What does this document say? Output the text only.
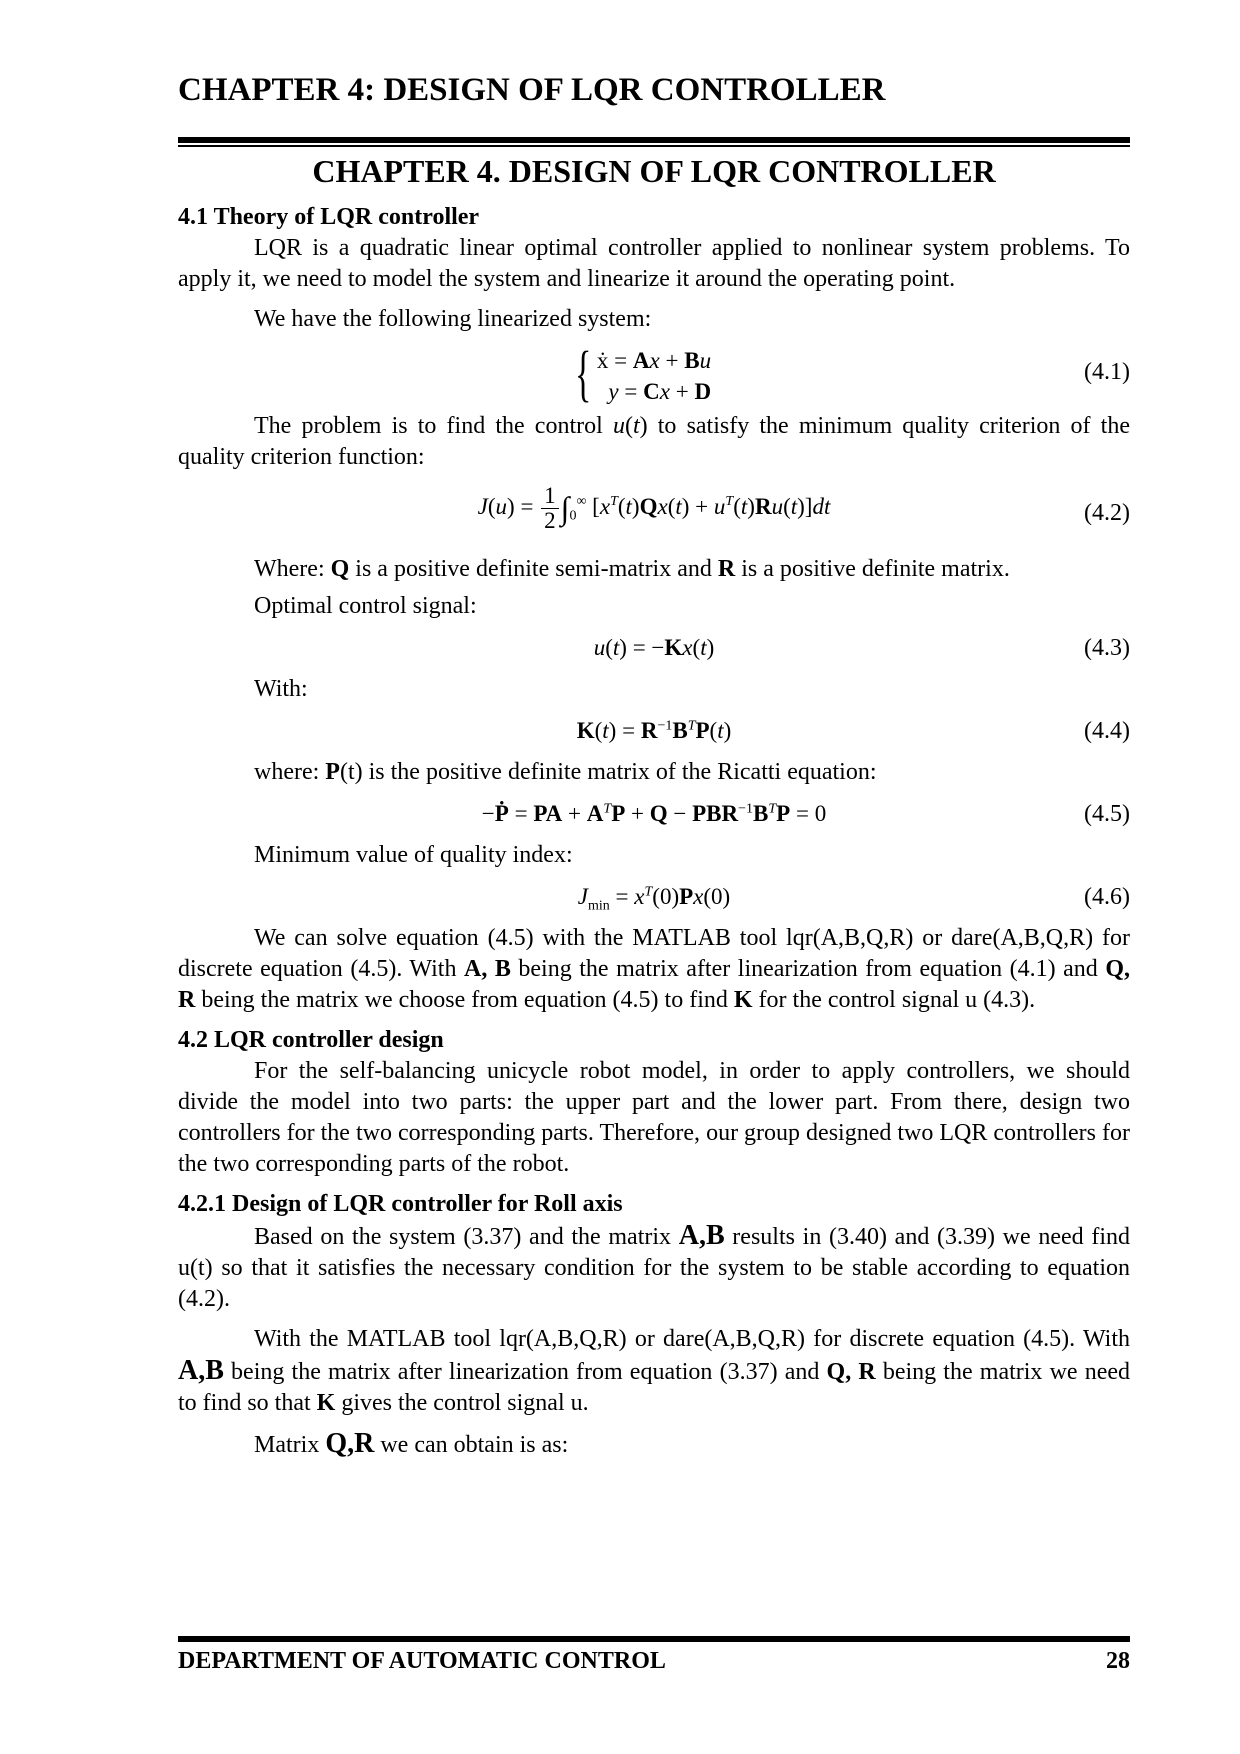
CHAPTER 4: DESIGN OF LQR CONTROLLER
CHAPTER 4. DESIGN OF LQR CONTROLLER

4.1 Theory of LQR controller

LQR is a quadratic linear optimal controller applied to nonlinear system problems. To apply it, we need to model the system and linearize it around the operating point.

We have the following linearized system:

{ ẋ = Ax + Bu
y = Cx + D
(4.1)

The problem is to find the control u(t) to satisfy the minimum quality criterion of the quality criterion function:

$J(u) = \frac{1}{2} \int_0^\infty$ $[x^T(t)Qx(t) + u^T(t)Ru(t)]dt$	(4.2)

Where: Q is a positive definite semi-matrix and R is a positive definite matrix.

Optimal control signal:

u(t) = −Kx(t)	(4.3)

With:

$K(t) = R^{-1}B^TP(t)$	(4.4)

where: P(t) is the positive definite matrix of the Ricatti equation:

−Ṗ = PA + $A^TP + Q - PBR^{-1}B^TP = 0$	(4.5)

Minimum value of quality index:

$J_{min} = x^T(0)Px(0)$	(4.6)

We can solve equation (4.5) with the MATLAB tool lqr(A,B,Q,R) or dare(A,B,Q,R) for discrete equation (4.5). With A, B being the matrix after linearization from equation (4.1) and Q, R being the matrix we choose from equation (4.5) to find K for the control signal u (4.3).

4.2 LQR controller design

For the self-balancing unicycle robot model, in order to apply controllers, we should divide the model into two parts: the upper part and the lower part. From there, design two controllers for the two corresponding parts. Therefore, our group designed two LQR controllers for the two corresponding parts of the robot.

4.2.1 Design of LQR controller for Roll axis

Based on the system (3.37) and the matrix A,B results in (3.40) and (3.39) we need find u(t) so that it satisfies the necessary condition for the system to be stable according to equation (4.2).

With the MATLAB tool lqr(A,B,Q,R) or dare(A,B,Q,R) for discrete equation (4.5). With A,B being the matrix after linearization from equation (3.37) and Q, R being the matrix we need to find so that K gives the control signal u.

Matrix Q,R we can obtain is as:

DEPARTMENT OF AUTOMATIC CONTROL	28
